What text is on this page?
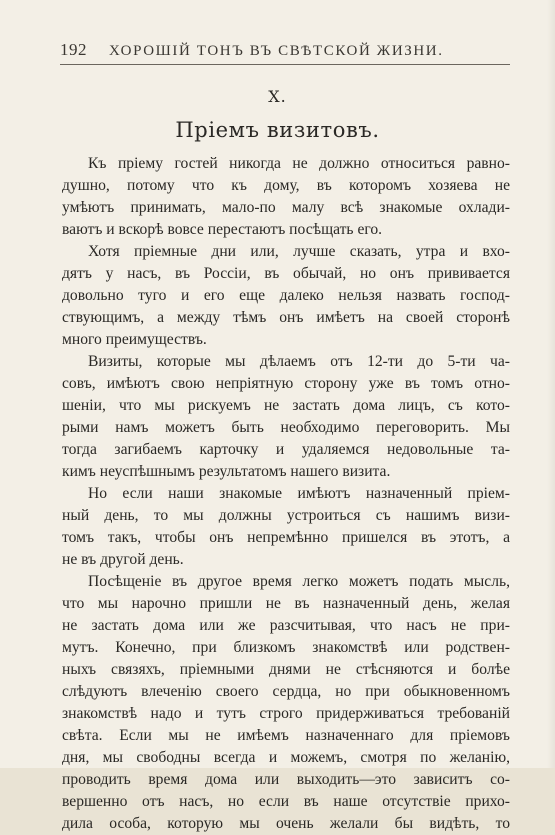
192 ХОРОШІЙ ТОНЪ ВЪ СВѢТСКОЙ ЖИЗНИ.
X.
Пріемъ визитовъ.
Къ пріему гостей никогда не должно относиться равно-
душно, потому что къ дому, въ которомъ хозяева не
умѣютъ принимать, мало-по малу всѣ знакомые охлади-
ваютъ и вскорѣ вовсе перестаютъ посѣщать его.
Хотя пріемные дни или, лучше сказать, утра и вхо-
дятъ у насъ, въ Россіи, въ обычай, но онъ прививается
довольно туго и его еще далеко нельзя назвать господ-
ствующимъ, а между тѣмъ онъ имѣетъ на своей сторонѣ
много преимуществъ.
Визиты, которые мы дѣлаемъ отъ 12-ти до 5-ти ча-
совъ, имѣютъ свою непріятную сторону уже въ томъ отно-
шеніи, что мы рискуемъ не застать дома лицъ, съ кото-
рыми намъ можетъ быть необходимо переговорить. Мы
тогда загибаемъ карточку и удаляемся недовольные та-
кимъ неуспѣшнымъ результатомъ нашего визита.
Но если наши знакомые имѣютъ назначенный пріем-
ный день, то мы должны устроиться съ нашимъ визи-
томъ такъ, чтобы онъ непремѣнно пришелся въ этотъ, а
не въ другой день.
Посѣщеніе въ другое время легко можетъ подать мысль,
что мы нарочно пришли не въ назначенный день, желая
не застать дома или же разсчитывая, что насъ не при-
мутъ. Конечно, при близкомъ знакомствѣ или родствен-
ныхъ связяхъ, пріемными днями не стѣсняются и болѣе
слѣдуютъ влеченію своего сердца, но при обыкновенномъ
знакомствѣ надо и тутъ строго придерживаться требованій
свѣта. Если мы не имѣемъ назначеннаго для пріемовъ
дня, мы свободны всегда и можемъ, смотря по желанію,
проводить время дома или выходить—это зависитъ со-
вершенно отъ насъ, но если въ наше отсутствіе прихо-
дила особа, которую мы очень желали бы видѣть, то
